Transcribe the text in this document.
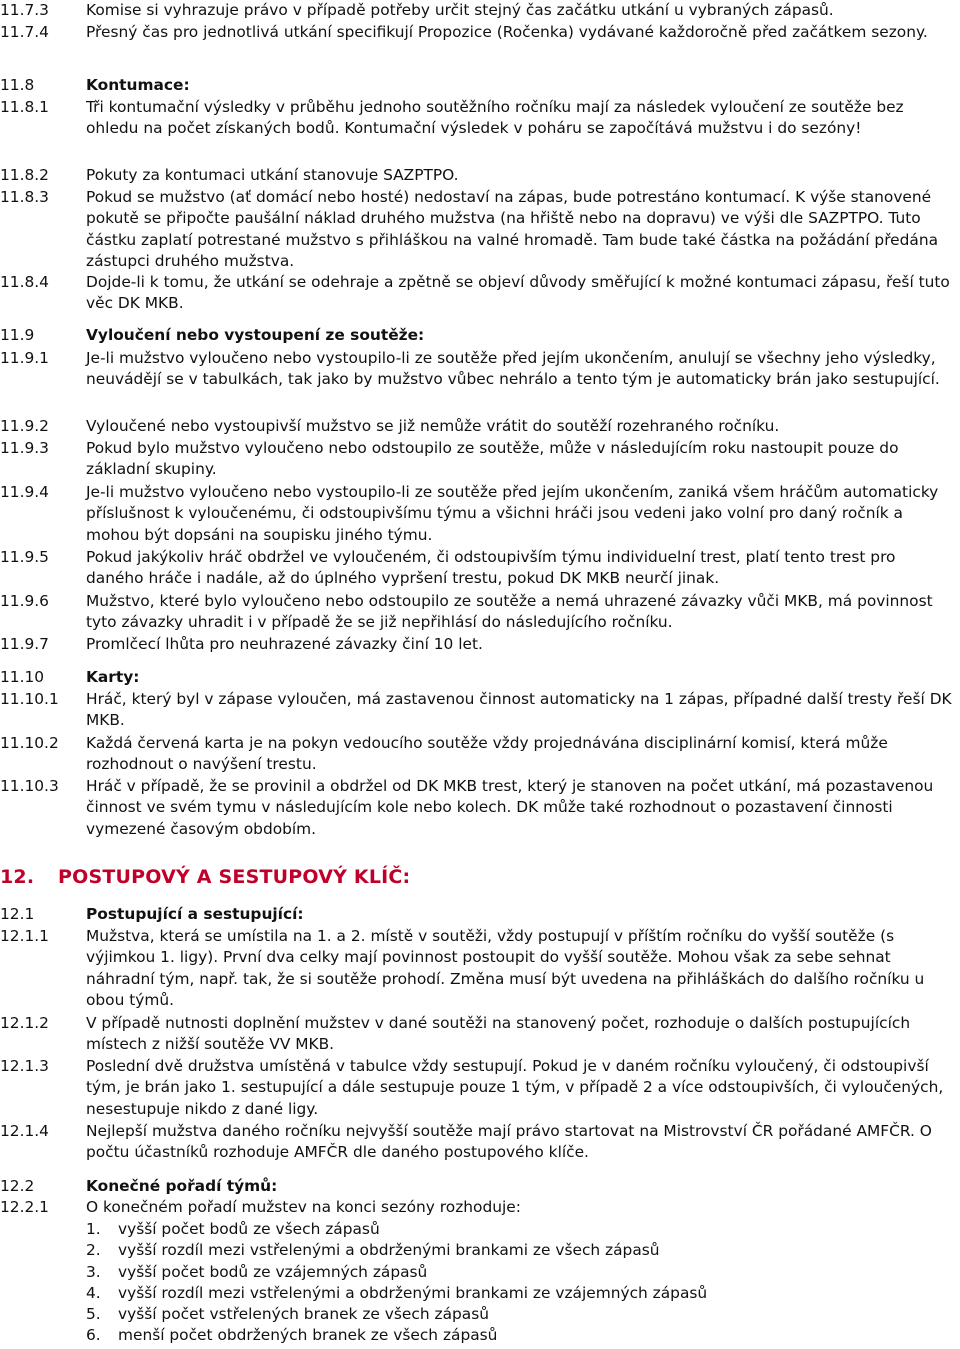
11.7.3	Komise si vyhrazuje právo v případě potřeby určit stejný čas začátku utkání u vybraných zápasů.
11.7.4	Přesný čas pro jednotlivá utkání specifikují Propozice (Ročenka) vydávané každoročně před začátkem sezony.
11.8	Kontumace:
11.8.1	Tři kontumační výsledky v průběhu jednoho soutěžního ročníku mají za následek vyloučení ze soutěže bez ohledu na počet získaných bodů. Kontumační výsledek v poháru se započítává mužstvu i do sezóny!
11.8.2	Pokuty za kontumaci utkání stanovuje SAZPTPO.
11.8.3	Pokud se mužstvo (ať domácí nebo hosté) nedostaví na zápas, bude potrestáno kontumací. K výše stanovené pokutě se připočte paušální náklad druhého mužstva (na hřiště nebo na dopravu) ve výši dle SAZPTPO. Tuto částku zaplatí potrestané mužstvo s přihláškou na valné hromadě. Tam bude také částka na požádání předána zástupci druhého mužstva.
11.8.4	Dojde-li k tomu, že utkání se odehraje a zpětně se objeví důvody směřující k možné kontumaci zápasu, řeší tuto věc DK MKB.
11.9	Vyloučení nebo vystoupení ze soutěže:
11.9.1	Je-li mužstvo vyloučeno nebo vystoupilo-li ze soutěže před jejím ukončením, anulují se všechny jeho výsledky, neuvádějí se v tabulkách, tak jako by mužstvo vůbec nehrálo a tento tým je automaticky brán jako sestupující.
11.9.2	Vyloučené nebo vystoupivší mužstvo se již nemůže vrátit do soutěží rozehraného ročníku.
11.9.3	Pokud bylo mužstvo vyloučeno nebo odstoupilo ze soutěže, může v následujícím roku nastoupit pouze do základní skupiny.
11.9.4	Je-li mužstvo vyloučeno nebo vystoupilo-li ze soutěže před jejím ukončením, zaniká všem hráčům automaticky příslušnost k vyloučenému, či odstoupivšímu týmu a všichni hráči jsou vedeni jako volní pro daný ročník a mohou být dopsáni na soupisku jiného týmu.
11.9.5	Pokud jakýkoliv hráč obdržel ve vyloučeném, či odstoupivším týmu individuelní trest, platí tento trest pro daného hráče i nadále, až do úplného vypršení trestu, pokud DK MKB neurčí jinak.
11.9.6	Mužstvo, které bylo vyloučeno nebo odstoupilo ze soutěže a nemá uhrazené závazky vůči MKB, má povinnost tyto závazky uhradit i v případě že se již nepřihlásí do následujícího ročníku.
11.9.7	Promlčecí lhůta pro neuhrazené závazky činí 10 let.
11.10	Karty:
11.10.1	Hráč, který byl v zápase vyloučen, má zastavenou činnost automaticky na 1 zápas, případné další tresty řeší DK MKB.
11.10.2	Každá červená karta je na pokyn vedoucího soutěže vždy projednávána disciplinární komisí, která může rozhodnout o navýšení trestu.
11.10.3	Hráč v případě, že se provinil a obdržel od DK MKB trest, který je stanoven na počet utkání, má pozastavenou činnost ve svém tymu v následujícím kole nebo kolech. DK může také rozhodnout o pozastavení činnosti vymezené časovým obdobím.
12. POSTUPOVÝ A SESTUPOVÝ KLÍČ:
12.1	Postupující a sestupující:
12.1.1	Mužstva, která se umístila na 1. a 2. místě v soutěži, vždy postupují v příštím ročníku do vyšší soutěže (s výjimkou 1. ligy). První dva celky mají povinnost postoupit do vyšší soutěže. Mohou však za sebe sehnat náhradní tým, např. tak, že si soutěže prohodí. Změna musí být uvedena na přihláškách do dalšího ročníku u obou týmů.
12.1.2	V případě nutnosti doplnění mužstev v dané soutěži na stanovený počet, rozhoduje o dalších postupujících místech z nižší soutěže VV MKB.
12.1.3	Poslední dvě družstva umístěná v tabulce vždy sestupují. Pokud je v daném ročníku vyloučený, či odstoupivší tým, je brán jako 1. sestupující a dále sestupuje pouze 1 tým, v případě 2 a více odstoupivších, či vyloučených, nesestupuje nikdo z dané ligy.
12.1.4	Nejlepší mužstva daného ročníku nejvyšší soutěže mají právo startovat na Mistrovství ČR pořádané AMFČR. O počtu účastníků rozhoduje AMFČR dle daného postupového klíče.
12.2	Konečné pořadí týmů:
12.2.1	O konečném pořadí mužstev na konci sezóny rozhoduje:
1.	vyšší počet bodů ze všech zápasů
2.	vyšší rozdíl mezi vstřelenými a obdrženými brankami ze všech zápasů
3.	vyšší počet bodů ze vzájemných zápasů
4.	vyšší rozdíl mezi vstřelenými a obdrženými brankami ze vzájemných zápasů
5.	vyšší počet vstřelených branek ze všech zápasů
6.	menší počet obdržených branek ze všech zápasů
